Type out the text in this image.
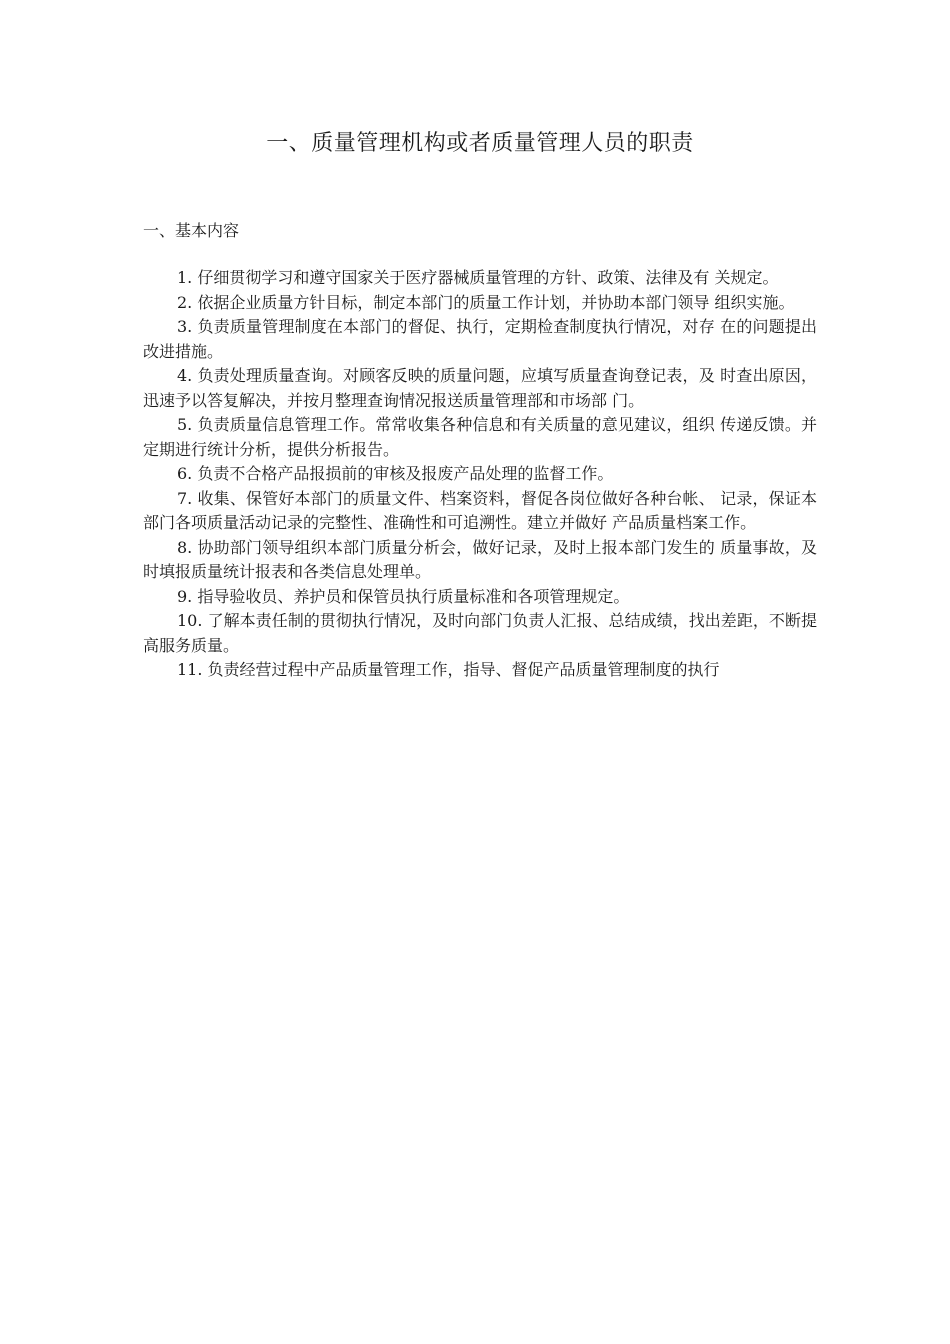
一、质量管理机构或者质量管理人员的职责
一、基本内容
1. 仔细贯彻学习和遵守国家关于医疗器械质量管理的方针、政策、法律及有 关规定。
2. 依据企业质量方针目标，制定本部门的质量工作计划，并协助本部门领导 组织实施。
3. 负责质量管理制度在本部门的督促、执行，定期检查制度执行情况，对存 在的问题提出改进措施。
4. 负责处理质量查询。对顾客反映的质量问题，应填写质量查询登记表，及 时查出原因，迅速予以答复解决，并按月整理查询情况报送质量管理部和市场部 门。
5. 负责质量信息管理工作。常常收集各种信息和有关质量的意见建议，组织 传递反馈。并定期进行统计分析，提供分析报告。
6. 负责不合格产品报损前的审核及报废产品处理的监督工作。
7. 收集、保管好本部门的质量文件、档案资料，督促各岗位做好各种台帐、 记录，保证本部门各项质量活动记录的完整性、准确性和可追溯性。建立并做好 产品质量档案工作。
8. 协助部门领导组织本部门质量分析会，做好记录，及时上报本部门发生的 质量事故，及时填报质量统计报表和各类信息处理单。
9. 指导验收员、养护员和保管员执行质量标准和各项管理规定。
10. 了解本责任制的贯彻执行情况，及时向部门负责人汇报、总结成绩，找出差距，不断提高服务质量。
11. 负责经营过程中产品质量管理工作，指导、督促产品质量管理制度的执行
